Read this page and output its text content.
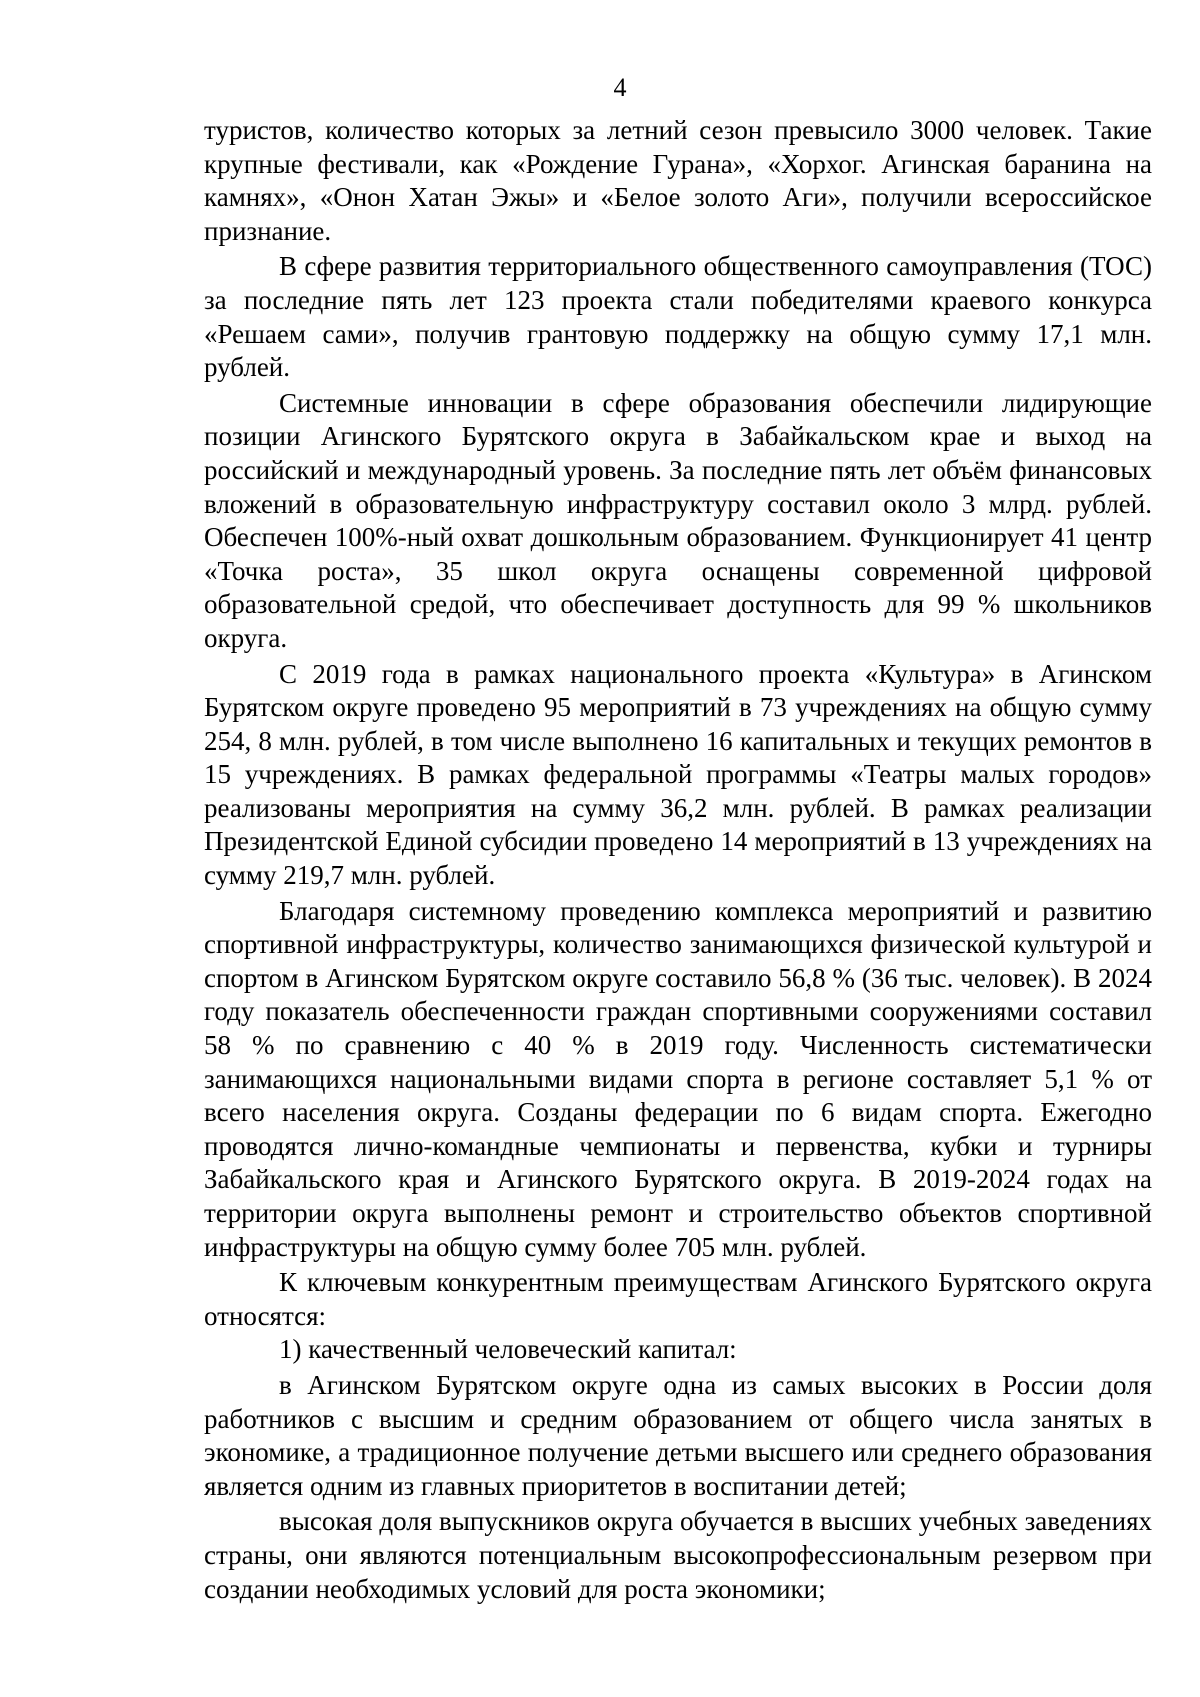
4

туристов, количество которых за летний сезон превысило 3000 человек. Такие крупные фестивали, как «Рождение Гурана», «Хорхог. Агинская баранина на камнях», «Онон Хатан Эжы» и «Белое золото Аги», получили всероссийское признание.

В сфере развития территориального общественного самоуправления (ТОС) за последние пять лет 123 проекта стали победителями краевого конкурса «Решаем сами», получив грантовую поддержку на общую сумму 17,1 млн. рублей.

Системные инновации в сфере образования обеспечили лидирующие позиции Агинского Бурятского округа в Забайкальском крае и выход на российский и международный уровень. За последние пять лет объём финансовых вложений в образовательную инфраструктуру составил около 3 млрд. рублей. Обеспечен 100%-ный охват дошкольным образованием. Функционирует 41 центр «Точка роста», 35 школ округа оснащены современной цифровой образовательной средой, что обеспечивает доступность для 99 % школьников округа.

С 2019 года в рамках национального проекта «Культура» в Агинском Бурятском округе проведено 95 мероприятий в 73 учреждениях на общую сумму 254, 8 млн. рублей, в том числе выполнено 16 капитальных и текущих ремонтов в 15 учреждениях. В рамках федеральной программы «Театры малых городов» реализованы мероприятия на сумму 36,2 млн. рублей. В рамках реализации Президентской Единой субсидии проведено 14 мероприятий в 13 учреждениях на сумму 219,7 млн. рублей.

Благодаря системному проведению комплекса мероприятий и развитию спортивной инфраструктуры, количество занимающихся физической культурой и спортом в Агинском Бурятском округе составило 56,8 % (36 тыс. человек). В 2024 году показатель обеспеченности граждан спортивными сооружениями составил 58 % по сравнению с 40 % в 2019 году. Численность систематически занимающихся национальными видами спорта в регионе составляет 5,1 % от всего населения округа. Созданы федерации по 6 видам спорта. Ежегодно проводятся лично-командные чемпионаты и первенства, кубки и турниры Забайкальского края и Агинского Бурятского округа. В 2019-2024 годах на территории округа выполнены ремонт и строительство объектов спортивной инфраструктуры на общую сумму более 705 млн. рублей.

К ключевым конкурентным преимуществам Агинского Бурятского округа относятся:

1) качественный человеческий капитал:

в Агинском Бурятском округе одна из самых высоких в России доля работников с высшим и средним образованием от общего числа занятых в экономике, а традиционное получение детьми высшего или среднего образования является одним из главных приоритетов в воспитании детей;

высокая доля выпускников округа обучается в высших учебных заведениях страны, они являются потенциальным высокопрофессиональным резервом при создании необходимых условий для роста экономики;
